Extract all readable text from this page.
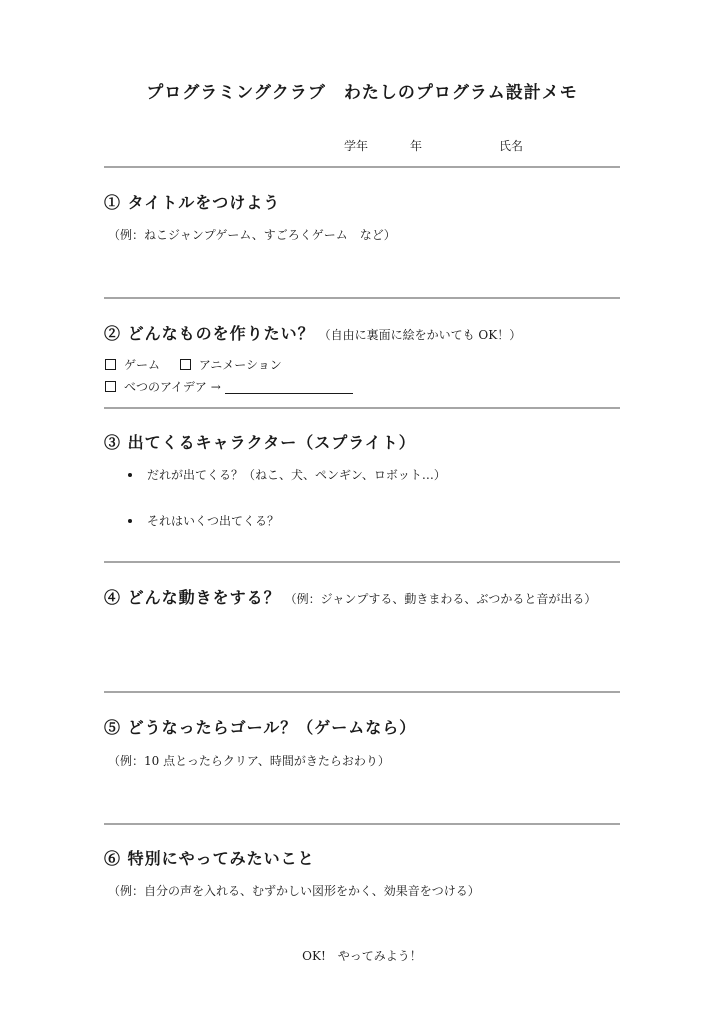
プログラミングクラブ　わたしのプログラム設計メモ
学年	年	氏名
① タイトルをつけよう
（例：ねこジャンプゲーム、すごろくゲーム　など）
② どんなものを作りたい？ （自由に裏面に絵をかいても OK！）
ゲーム	アニメーション
べつのアイデア →
③ 出てくるキャラクター（スプライト）
だれが出てくる？（ねこ、犬、ペンギン、ロボット…）
それはいくつ出てくる？
④ どんな動きをする？ （例：ジャンプする、動きまわる、ぶつかると音が出る）
⑤ どうなったらゴール？（ゲームなら）
（例：10 点とったらクリア、時間がきたらおわり）
⑥ 特別にやってみたいこと
（例：自分の声を入れる、むずかしい図形をかく、効果音をつける）
OK!　やってみよう！
